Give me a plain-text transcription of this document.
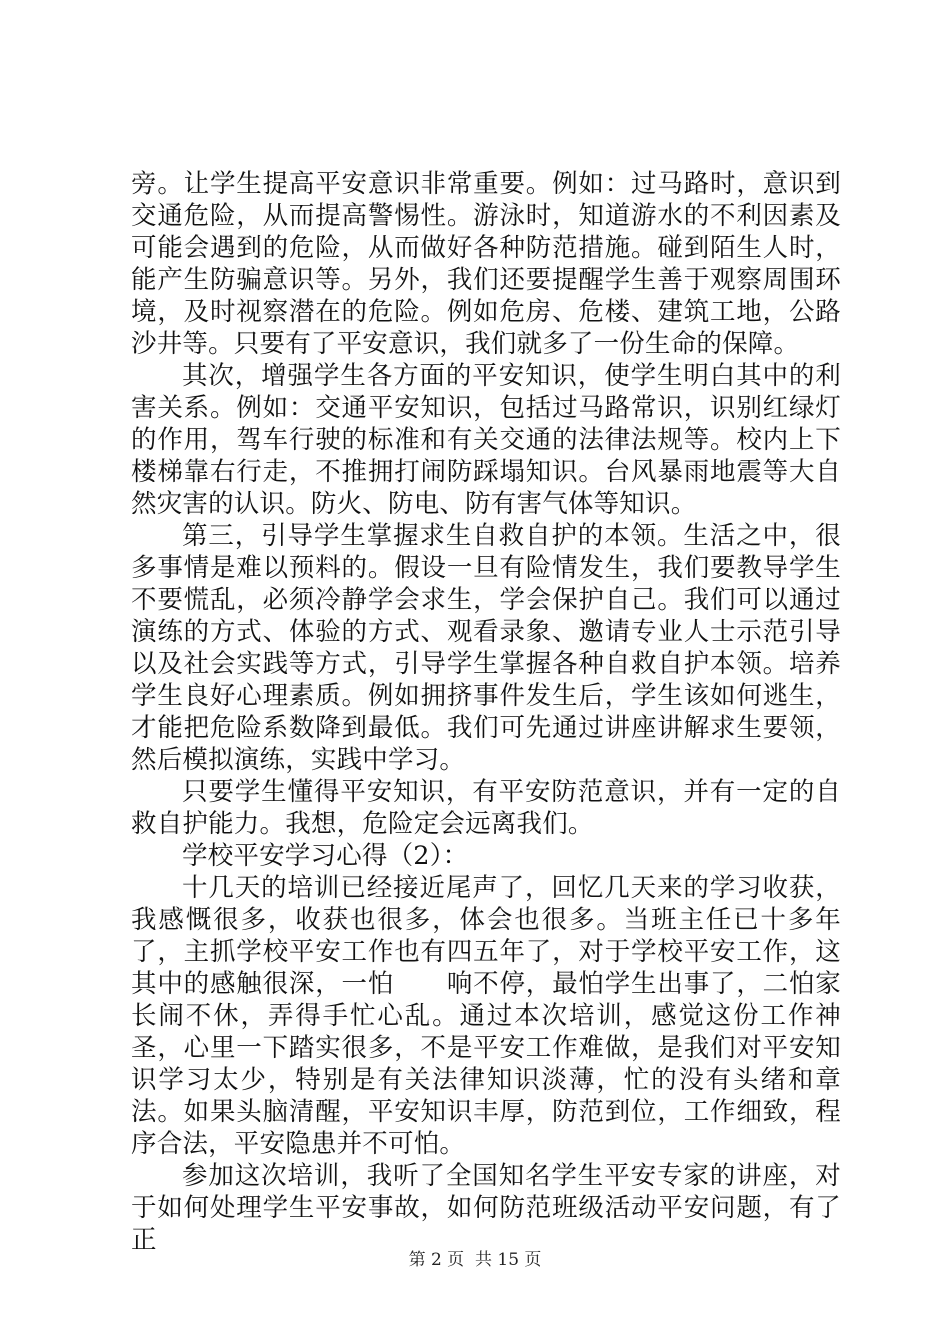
旁。让学生提高平安意识非常重要。例如：过马路时，意识到交通危险，从而提高警惕性。游泳时，知道游水的不利因素及可能会遇到的危险，从而做好各种防范措施。碰到陌生人时，能产生防骗意识等。另外，我们还要提醒学生善于观察周围环境，及时视察潜在的危险。例如危房、危楼、建筑工地，公路沙井等。只要有了平安意识，我们就多了一份生命的保障。

其次，增强学生各方面的平安知识，使学生明白其中的利害关系。例如：交通平安知识，包括过马路常识，识别红绿灯的作用，驾车行驶的标准和有关交通的法律法规等。校内上下楼梯靠右行走，不推拥打闹防踩塌知识。台风暴雨地震等大自然灾害的认识。防火、防电、防有害气体等知识。

第三，引导学生掌握求生自救自护的本领。生活之中，很多事情是难以预料的。假设一旦有险情发生，我们要教导学生不要慌乱，必须冷静学会求生，学会保护自己。我们可以通过演练的方式、体验的方式、观看录象、邀请专业人士示范引导以及社会实践等方式，引导学生掌握各种自救自护本领。培养学生良好心理素质。例如拥挤事件发生后，学生该如何逃生，才能把危险系数降到最低。我们可先通过讲座讲解求生要领，然后模拟演练，实践中学习。

只要学生懂得平安知识，有平安防范意识，并有一定的自救自护能力。我想，危险定会远离我们。

学校平安学习心得（2）：

十几天的培训已经接近尾声了，回忆几天来的学习收获，我感慨很多，收获也很多，体会也很多。当班主任已十多年了，主抓学校平安工作也有四五年了，对于学校平安工作，这其中的感触很深，一怕　　响不停，最怕学生出事了，二怕家长闹不休，弄得手忙心乱。通过本次培训，感觉这份工作神圣，心里一下踏实很多，不是平安工作难做，是我们对平安知识学习太少，特别是有关法律知识淡薄，忙的没有头绪和章法。如果头脑清醒，平安知识丰厚，防范到位，工作细致，程序合法，平安隐患并不可怕。

参加这次培训，我听了全国知名学生平安专家的讲座，对于如何处理学生平安事故，如何防范班级活动平安问题，有了正

第 2 页  共 15 页
